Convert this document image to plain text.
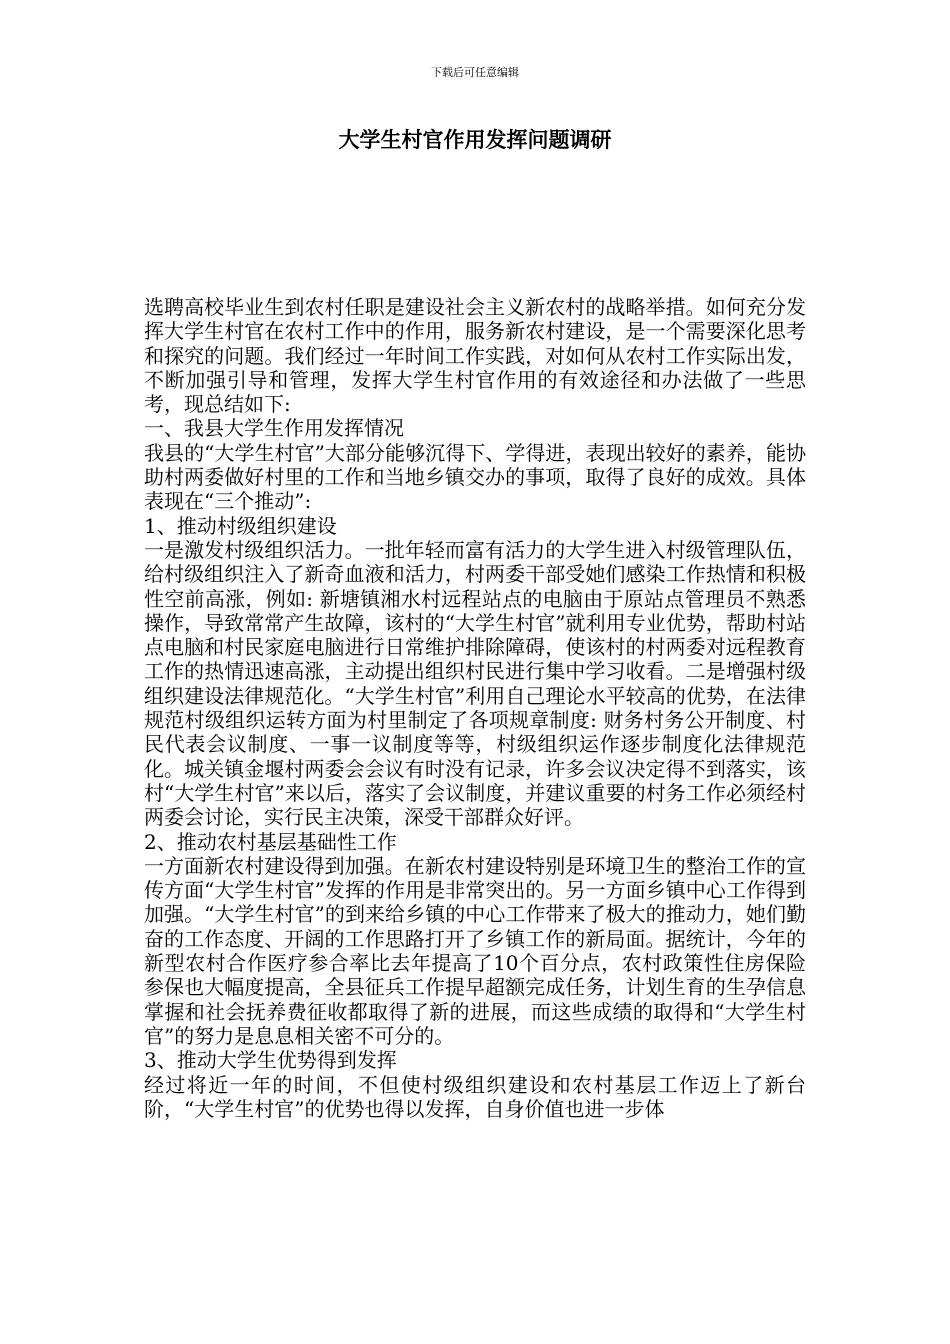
下载后可任意编辑
大学生村官作用发挥问题调研

选聘高校毕业生到农村任职是建设社会主义新农村的战略举措。如何充分发挥大学生村官在农村工作中的作用，服务新农村建设，是一个需要深化思考和探究的问题。我们经过一年时间工作实践，对如何从农村工作实际出发，不断加强引导和管理，发挥大学生村官作用的有效途径和办法做了一些思考，现总结如下:

一、我县大学生作用发挥情况

我县的“大学生村官”大部分能够沉得下、学得进，表现出较好的素养，能协助村两委做好村里的工作和当地乡镇交办的事项，取得了良好的成效。具体表现在“三个推动”:

1、推动村级组织建设

一是激发村级组织活力。一批年轻而富有活力的大学生进入村级管理队伍，给村级组织注入了新奇血液和活力，村两委干部受她们感染工作热情和积极性空前高涨，例如: 新塘镇湘水村远程站点的电脑由于原站点管理员不熟悉操作，导致常常产生故障，该村的“大学生村官”就利用专业优势，帮助村站点电脑和村民家庭电脑进行日常维护排除障碍，使该村的村两委对远程教育工作的热情迅速高涨，主动提出组织村民进行集中学习收看。二是增强村级组织建设法律规范化。“大学生村官”利用自己理论水平较高的优势，在法律规范村级组织运转方面为村里制定了各项规章制度: 财务村务公开制度、村民代表会议制度、一事一议制度等等，村级组织运作逐步制度化法律规范化。城关镇金堰村两委会会议有时没有记录，许多会议决定得不到落实，该村“大学生村官”来以后，落实了会议制度，并建议重要的村务工作必须经村两委会讨论，实行民主决策，深受干部群众好评。

2、推动农村基层基础性工作

一方面新农村建设得到加强。在新农村建设特别是环境卫生的整治工作的宣传方面“大学生村官”发挥的作用是非常突出的。另一方面乡镇中心工作得到加强。“大学生村官”的到来给乡镇的中心工作带来了极大的推动力，她们勤奋的工作态度、开阔的工作思路打开了乡镇工作的新局面。据统计，今年的新型农村合作医疗参合率比去年提高了10个百分点，农村政策性住房保险参保也大幅度提高，全县征兵工作提早超额完成任务，计划生育的生孕信息掌握和社会抚养费征收都取得了新的进展，而这些成绩的取得和“大学生村官”的努力是息息相关密不可分的。

3、推动大学生优势得到发挥

经过将近一年的时间，不但使村级组织建设和农村基层工作迈上了新台阶，“大学生村官”的优势也得以发挥，自身价值也进一步体
